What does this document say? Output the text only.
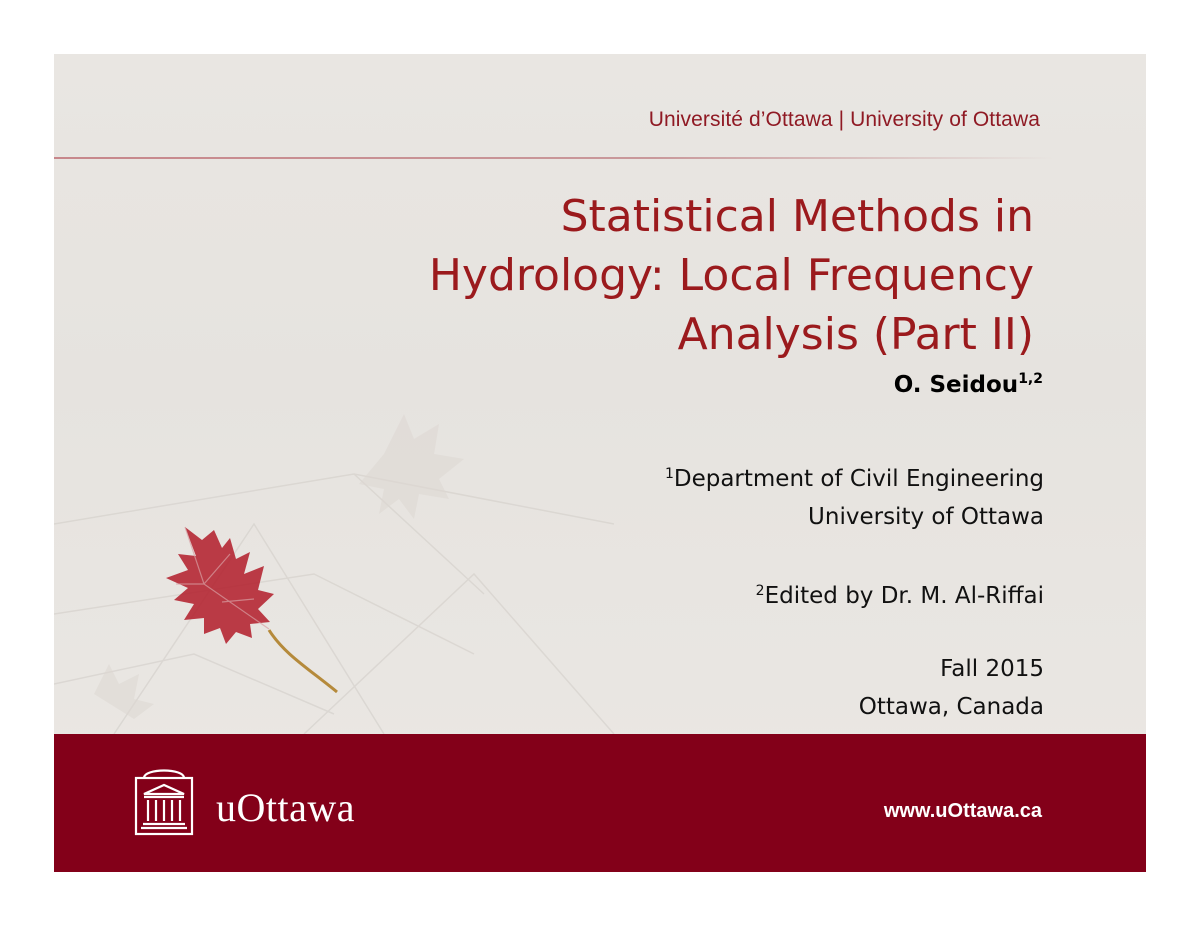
Université d’Ottawa | University of Ottawa
Statistical Methods in
Hydrology: Local Frequency
Analysis (Part II)
O. Seidou$^{1,2}$
$^1$Department of Civil Engineering
University of Ottawa
$^2$Edited by Dr. M. Al-Riffai
Fall 2015
Ottawa, Canada
uOttawa	www.uOttawa.ca
